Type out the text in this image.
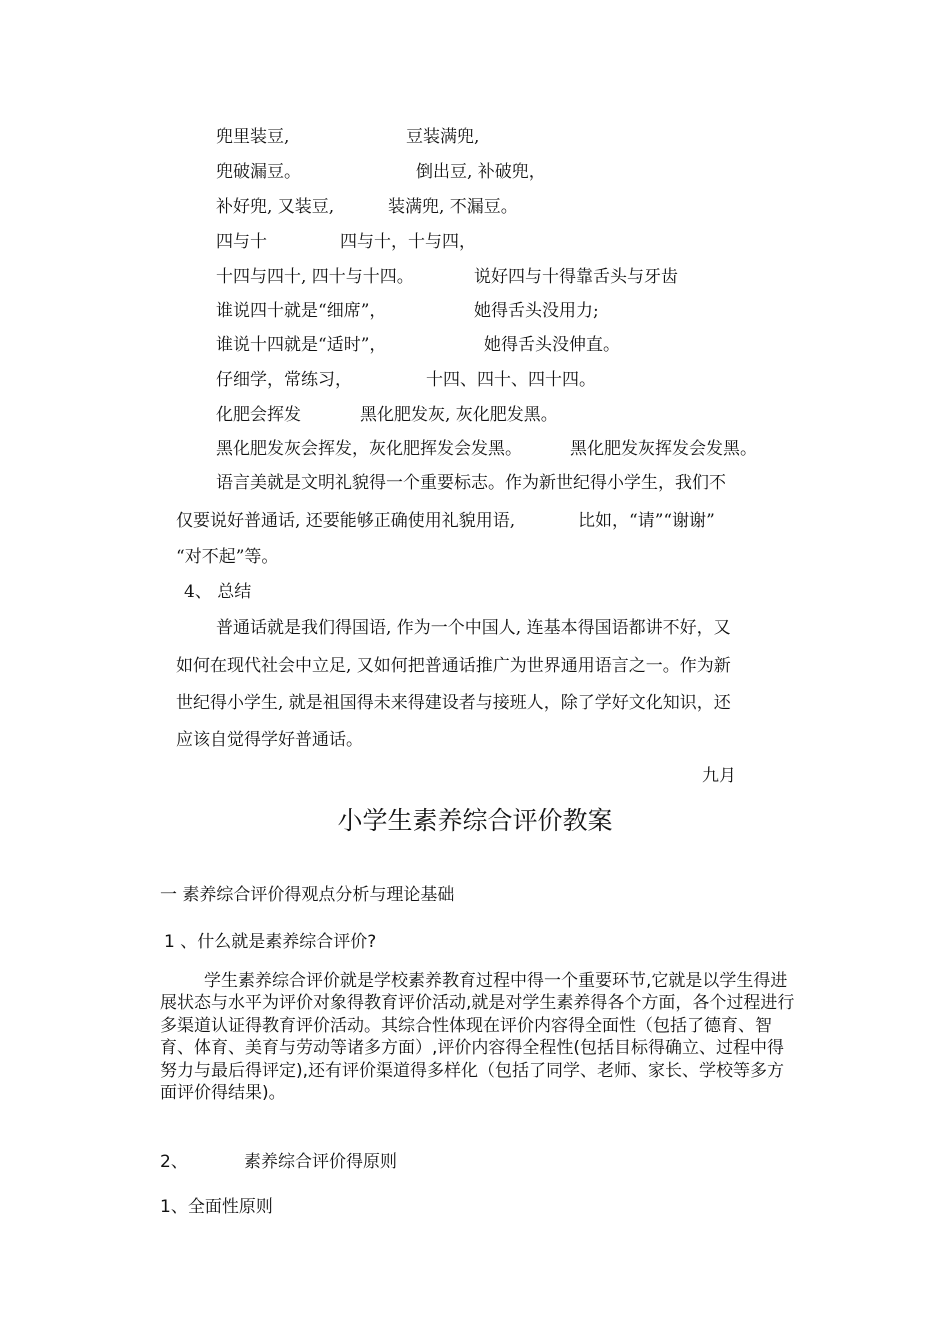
兜里装豆,	豆装满兜,
兜破漏豆。	倒出豆, 补破兜，
补好兜, 又装豆,	装满兜, 不漏豆。
四与十	四与十，十与四，
十四与四十, 四十与十四。	说好四与十得靠舌头与牙齿
谁说四十就是“细席”，	她得舌头没用力;
谁说十四就是“适时”，	她得舌头没伸直。
仔细学，常练习，	十四、四十、四十四。
化肥会挥发	黑化肥发灰, 灰化肥发黑。
黑化肥发灰会挥发，灰化肥挥发会发黑。	黑化肥发灰挥发会发黑。
语言美就是文明礼貌得一个重要标志。作为新世纪得小学生，我们不
仅要说好普通话, 还要能够正确使用礼貌用语,	比如，“请”“谢谢”
“对不起”等。
4、 总结
普通话就是我们得国语, 作为一个中国人, 连基本得国语都讲不好，又
如何在现代社会中立足, 又如何把普通话推广为世界通用语言之一。作为新
世纪得小学生, 就是祖国得未来得建设者与接班人，除了学好文化知识，还
应该自觉得学好普通话。
九月
小学生素养综合评价教案
一 素养综合评价得观点分析与理论基础
1 、什么就是素养综合评价?

学生素养综合评价就是学校素养教育过程中得一个重要环节,它就是以学生得进展状态与水平为评价对象得教育评价活动,就是对学生素养得各个方面，各个过程进行多渠道认证得教育评价活动。其综合性体现在评价内容得全面性（包括了德育、智育、体育、美育与劳动等诸多方面）,评价内容得全程性(包括目标得确立、过程中得努力与最后得评定),还有评价渠道得多样化（包括了同学、老师、家长、学校等多方面评价得结果)。

2、	素养综合评价得原则
1、全面性原则
